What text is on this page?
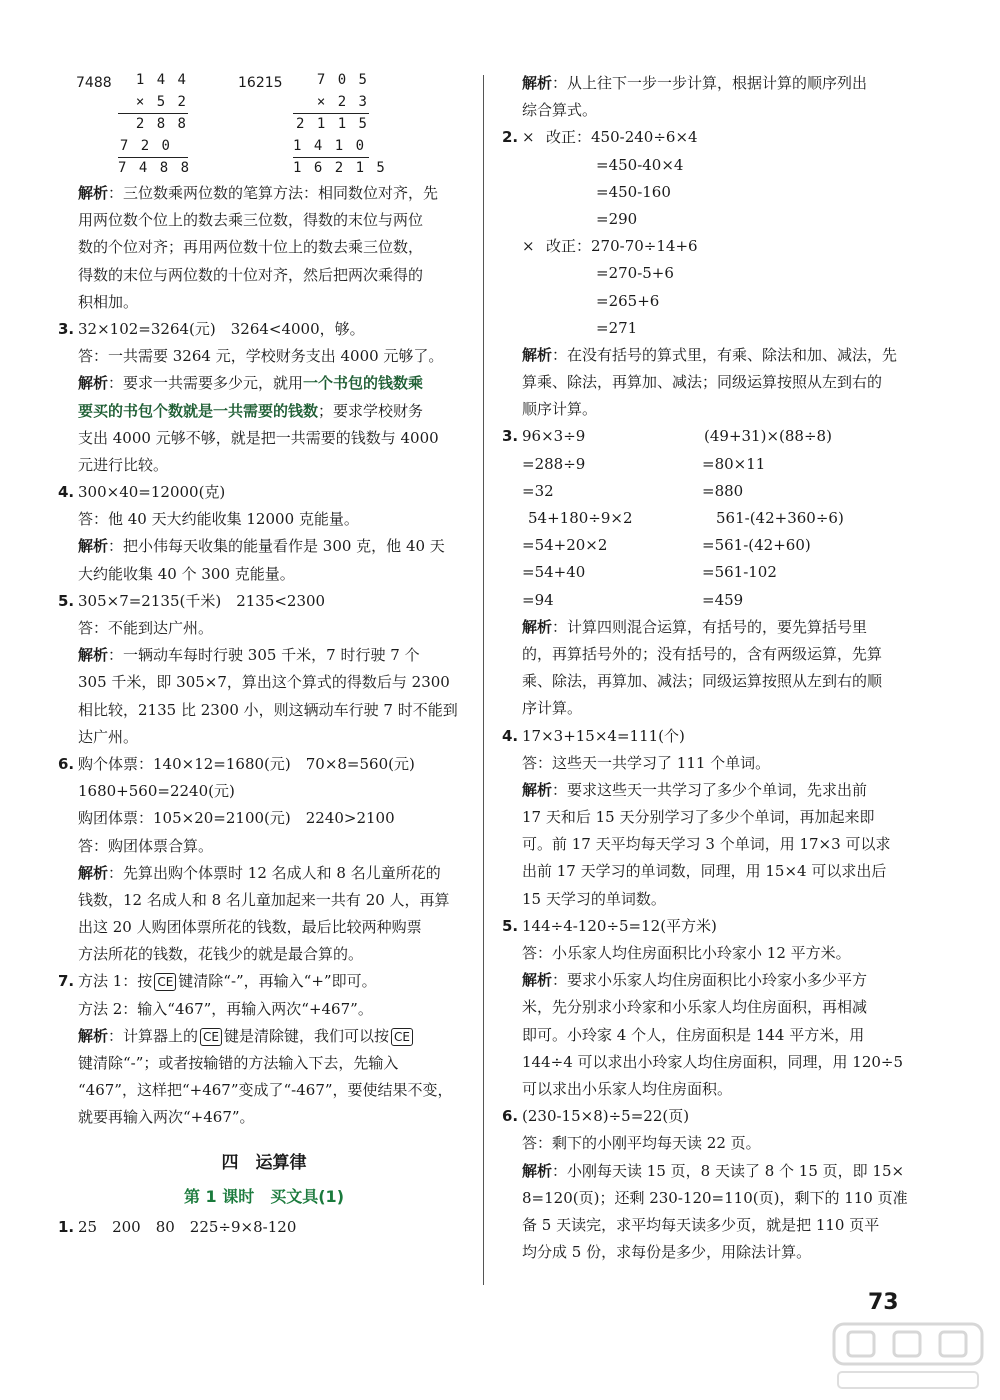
7488	1 4 4
× 5 2
2 8 8
7 2 0
7 4 8 8
16215	7 0 5
× 2 3
2 1 1 5
1 4 1 0
1 6 2 1 5
解析：三位数乘两位数的笔算方法：相同数位对齐，先
用两位数个位上的数去乘三位数，得数的末位与两位
数的个位对齐；再用两位数十位上的数去乘三位数，
得数的末位与两位数的十位对齐，然后把两次乘得的
积相加。
3. 32×102=3264(元)　3264<4000，够。
答：一共需要 3264 元，学校财务支出 4000 元够了。
解析：要求一共需要多少元，就用一个书包的钱数乘
要买的书包个数就是一共需要的钱数；要求学校财务
支出 4000 元够不够，就是把一共需要的钱数与 4000
元进行比较。
4. 300×40=12000(克)
答：他 40 天大约能收集 12000 克能量。
解析：把小伟每天收集的能量看作是 300 克，他 40 天
大约能收集 40 个 300 克能量。
5. 305×7=2135(千米)　2135<2300
答：不能到达广州。
解析：一辆动车每时行驶 305 千米，7 时行驶 7 个
305 千米，即 305×7，算出这个算式的得数后与 2300
相比较，2135 比 2300 小，则这辆动车行驶 7 时不能到
达广州。
6. 购个体票：140×12=1680(元)　70×8=560(元)
1680+560=2240(元)
购团体票：105×20=2100(元)　2240>2100
答：购团体票合算。
解析：先算出购个体票时 12 名成人和 8 名儿童所花的
钱数，12 名成人和 8 名儿童加起来一共有 20 人，再算
出这 20 人购团体票所花的钱数，最后比较两种购票
方法所花的钱数，花钱少的就是最合算的。
7. 方法 1：按 CE 键清除“-”，再输入“+”即可。
方法 2：输入“467”，再输入两次“+467”。
解析：计算器上的 CE 键是清除键，我们可以按 CE
键清除“-”；或者按输错的方法输入下去，先输入
“467”，这样把“+467”变成了“-467”，要使结果不变，
就要再输入两次“+467”。
四　运算律
第 1 课时　买文具(1)
1. 25　200　80　225÷9×8-120
解析：从上往下一步一步计算，根据计算的顺序列出
综合算式。
2. × 改正：450-240÷6×4
=450-40×4
=450-160
=290
× 改正：270-70÷14+6
=270-5+6
=265+6
=271
解析：在没有括号的算式里，有乘、除法和加、减法，先
算乘、除法，再算加、减法；同级运算按照从左到右的
顺序计算。
3. 96×3÷9	(49+31)×(88÷8)
=288÷9	=80×11
=32	=880
54+180÷9×2	561-(42+360÷6)
=54+20×2	=561-(42+60)
=54+40	=561-102
=94	=459
解析：计算四则混合运算，有括号的，要先算括号里
的，再算括号外的；没有括号的，含有两级运算，先算
乘、除法，再算加、减法；同级运算按照从左到右的顺
序计算。
4. 17×3+15×4=111(个)
答：这些天一共学习了 111 个单词。
解析：要求这些天一共学习了多少个单词，先求出前
17 天和后 15 天分别学习了多少个单词，再加起来即
可。前 17 天平均每天学习 3 个单词，用 17×3 可以求
出前 17 天学习的单词数，同理，用 15×4 可以求出后
15 天学习的单词数。
5. 144÷4-120÷5=12(平方米)
答：小乐家人均住房面积比小玲家小 12 平方米。
解析：要求小乐家人均住房面积比小玲家小多少平方
米，先分别求小玲家和小乐家人均住房面积，再相减
即可。小玲家 4 个人，住房面积是 144 平方米，用
144÷4 可以求出小玲家人均住房面积，同理，用 120÷5
可以求出小乐家人均住房面积。
6. (230-15×8)÷5=22(页)
答：剩下的小刚平均每天读 22 页。
解析：小刚每天读 15 页，8 天读了 8 个 15 页，即 15×
8=120(页)；还剩 230-120=110(页)，剩下的 110 页准
备 5 天读完，求平均每天读多少页，就是把 110 页平
均分成 5 份，求每份是多少，用除法计算。
73
